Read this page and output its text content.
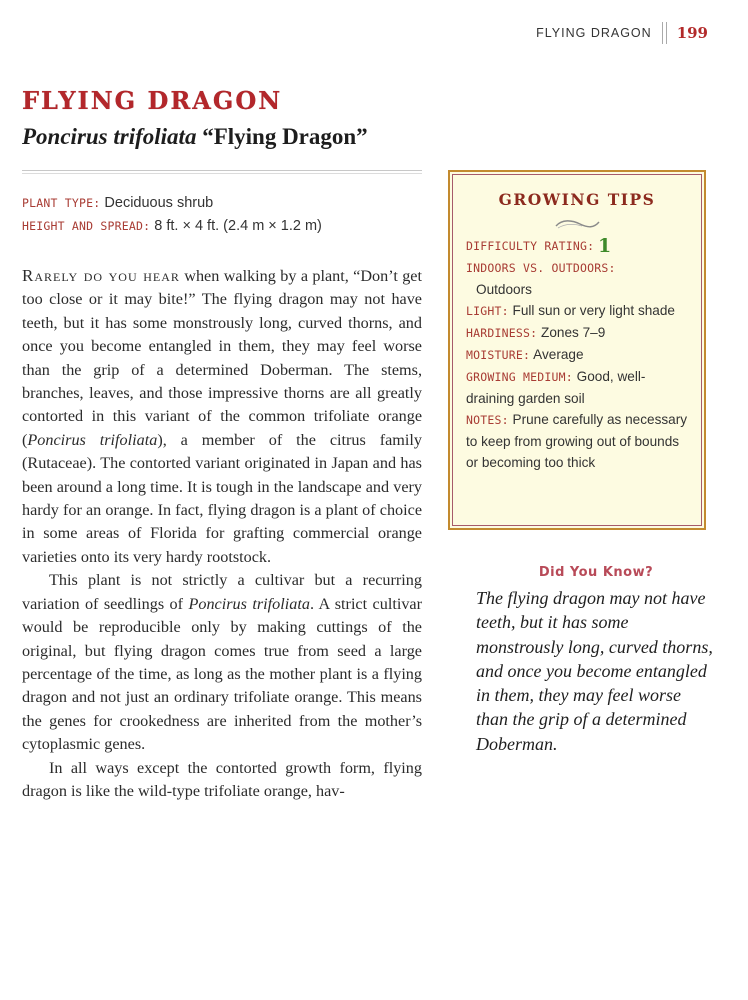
FLYING DRAGON 199
FLYING DRAGON
Poncirus trifoliata “Flying Dragon”
PLANT TYPE: Deciduous shrub
HEIGHT AND SPREAD: 8 ft. × 4 ft. (2.4 m × 1.2 m)

Rarely do you hear when walking by a plant, “Don’t get too close or it may bite!” The flying dragon may not have teeth, but it has some monstrously long, curved thorns, and once you become entangled in them, they may feel worse than the grip of a determined Doberman. The stems, branches, leaves, and those impressive thorns are all greatly contorted in this variant of the common trifoliate orange (Poncirus trifoliata), a member of the citrus family (Rutaceae). The contorted variant originated in Japan and has been around a long time. It is tough in the landscape and very hardy for an orange. In fact, flying dragon is a plant of choice in some areas of Florida for grafting commercial orange varieties onto its very hardy rootstock.

This plant is not strictly a cultivar but a recurring variation of seedlings of Poncirus trifoliata. A strict cultivar would be reproducible only by making cuttings of the original, but flying dragon comes true from seed a large percentage of the time, as long as the mother plant is a flying dragon and not just an ordinary trifoliate orange. This means the genes for crookedness are inherited from the mother’s cytoplasmic genes.

In all ways except the contorted growth form, flying dragon is like the wild-type trifoliate orange, hav-

GROWING TIPS
DIFFICULTY RATING: 1
INDOORS VS. OUTDOORS:
Outdoors
LIGHT: Full sun or very light shade
HARDINESS: Zones 7–9
MOISTURE: Average
GROWING MEDIUM: Good, well-draining garden soil
NOTES: Prune carefully as necessary to keep from growing out of bounds or becoming too thick
Did You Know?
The flying dragon may not have teeth, but it has some monstrously long, curved thorns, and once you become entangled in them, they may feel worse than the grip of a determined Doberman.
